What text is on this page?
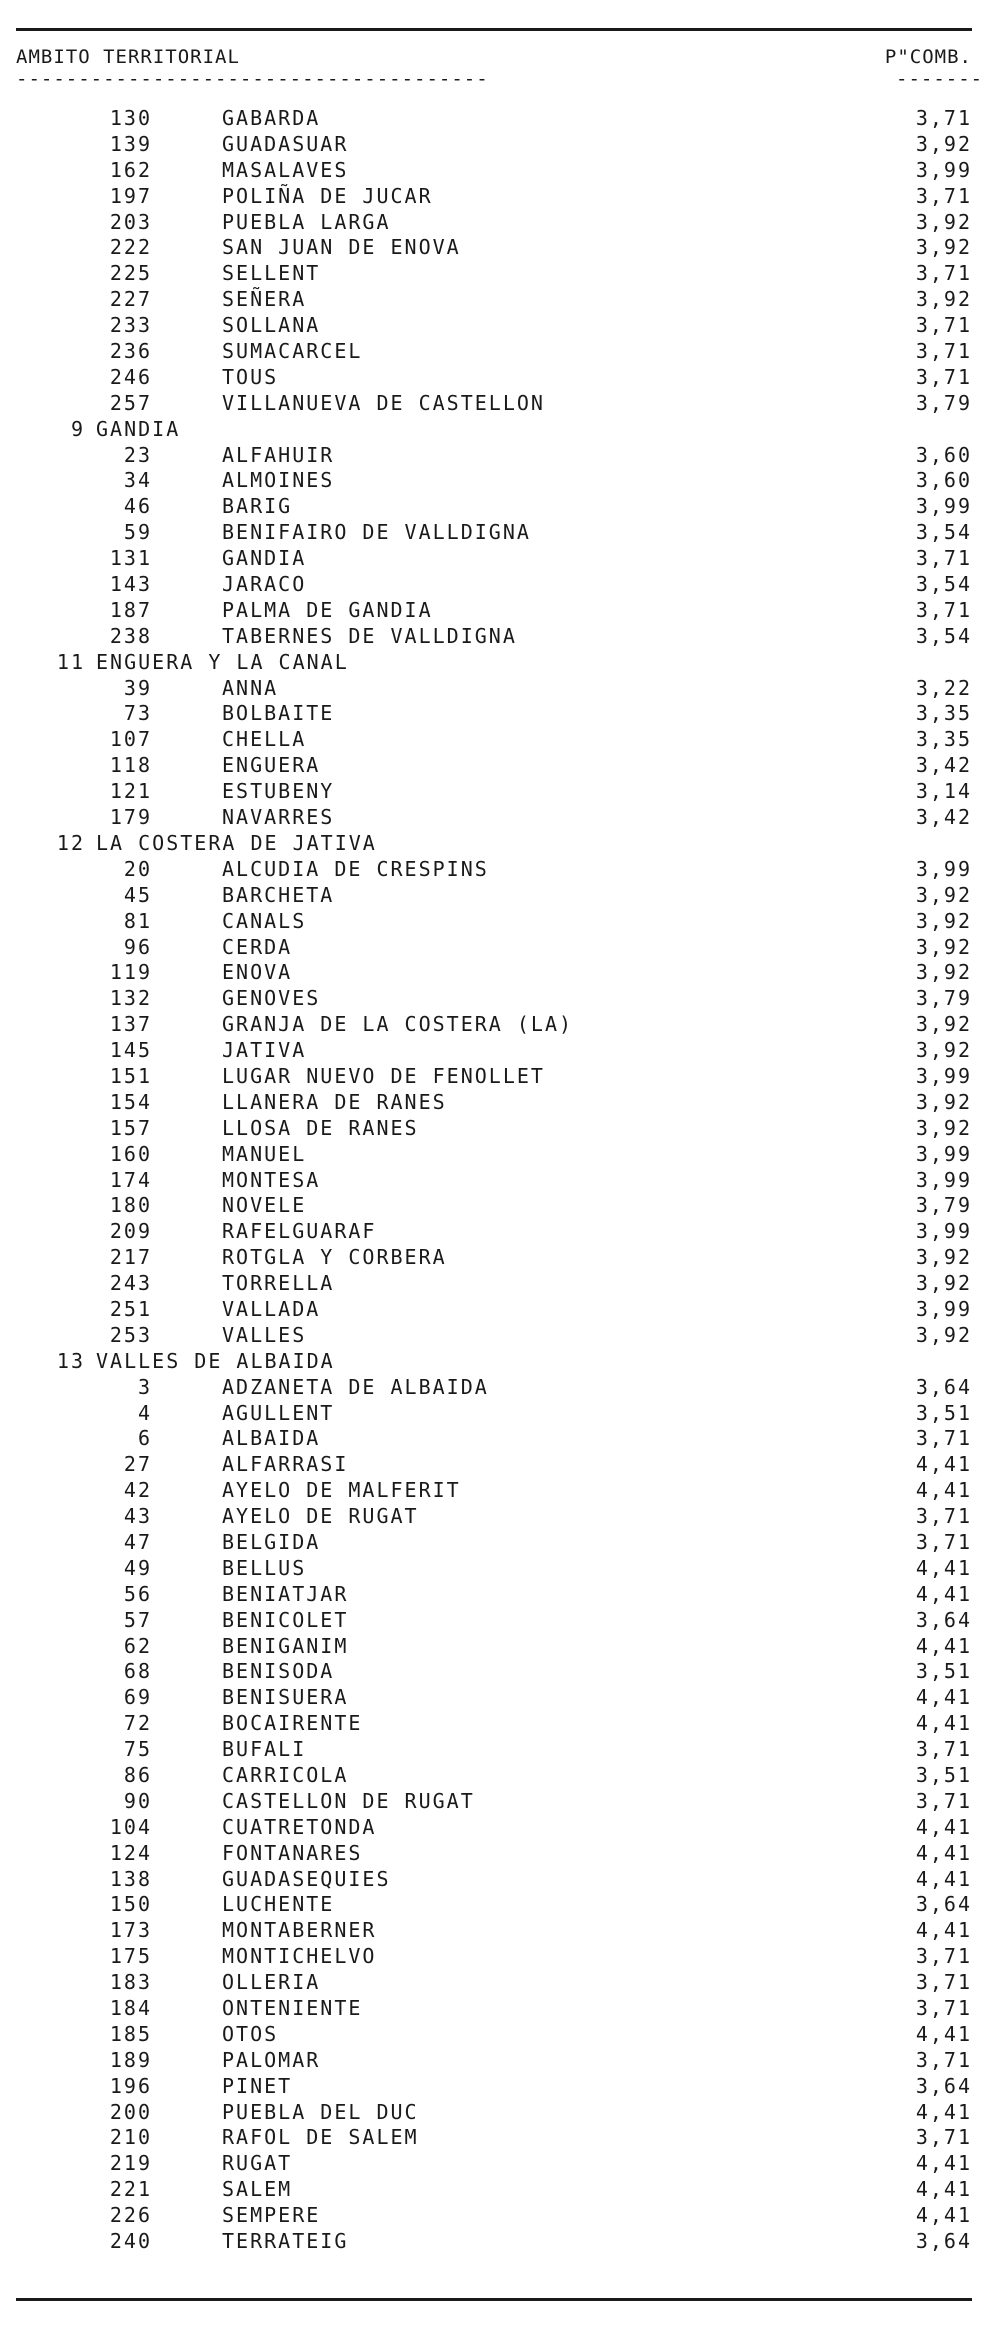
AMBITO TERRITORIAL	P"COMB.
--------------------------------------	-------
130	GABARDA	3,71
139	GUADASUAR	3,92
162	MASALAVES	3,99
197	POLIÑA DE JUCAR	3,71
203	PUEBLA LARGA	3,92
222	SAN JUAN DE ENOVA	3,92
225	SELLENT	3,71
227	SEÑERA	3,92
233	SOLLANA	3,71
236	SUMACARCEL	3,71
246	TOUS	3,71
257	VILLANUEVA DE CASTELLON	3,79
9 GANDIA
23	ALFAHUIR	3,60
34	ALMOINES	3,60
46	BARIG	3,99
59	BENIFAIRO DE VALLDIGNA	3,54
131	GANDIA	3,71
143	JARACO	3,54
187	PALMA DE GANDIA	3,71
238	TABERNES DE VALLDIGNA	3,54
11 ENGUERA Y LA CANAL
39	ANNA	3,22
73	BOLBAITE	3,35
107	CHELLA	3,35
118	ENGUERA	3,42
121	ESTUBENY	3,14
179	NAVARRES	3,42
12 LA COSTERA DE JATIVA
20	ALCUDIA DE CRESPINS	3,99
45	BARCHETA	3,92
81	CANALS	3,92
96	CERDA	3,92
119	ENOVA	3,92
132	GENOVES	3,79
137	GRANJA DE LA COSTERA (LA)	3,92
145	JATIVA	3,92
151	LUGAR NUEVO DE FENOLLET	3,99
154	LLANERA DE RANES	3,92
157	LLOSA DE RANES	3,92
160	MANUEL	3,99
174	MONTESA	3,99
180	NOVELE	3,79
209	RAFELGUARAF	3,99
217	ROTGLA Y CORBERA	3,92
243	TORRELLA	3,92
251	VALLADA	3,99
253	VALLES	3,92
13 VALLES DE ALBAIDA
3	ADZANETA DE ALBAIDA	3,64
4	AGULLENT	3,51
6	ALBAIDA	3,71
27	ALFARRASI	4,41
42	AYELO DE MALFERIT	4,41
43	AYELO DE RUGAT	3,71
47	BELGIDA	3,71
49	BELLUS	4,41
56	BENIATJAR	4,41
57	BENICOLET	3,64
62	BENIGANIM	4,41
68	BENISODA	3,51
69	BENISUERA	4,41
72	BOCAIRENTE	4,41
75	BUFALI	3,71
86	CARRICOLA	3,51
90	CASTELLON DE RUGAT	3,71
104	CUATRETONDA	4,41
124	FONTANARES	4,41
138	GUADASEQUIES	4,41
150	LUCHENTE	3,64
173	MONTABERNER	4,41
175	MONTICHELVO	3,71
183	OLLERIA	3,71
184	ONTENIENTE	3,71
185	OTOS	4,41
189	PALOMAR	3,71
196	PINET	3,64
200	PUEBLA DEL DUC	4,41
210	RAFOL DE SALEM	3,71
219	RUGAT	4,41
221	SALEM	4,41
226	SEMPERE	4,41
240	TERRATEIG	3,64
